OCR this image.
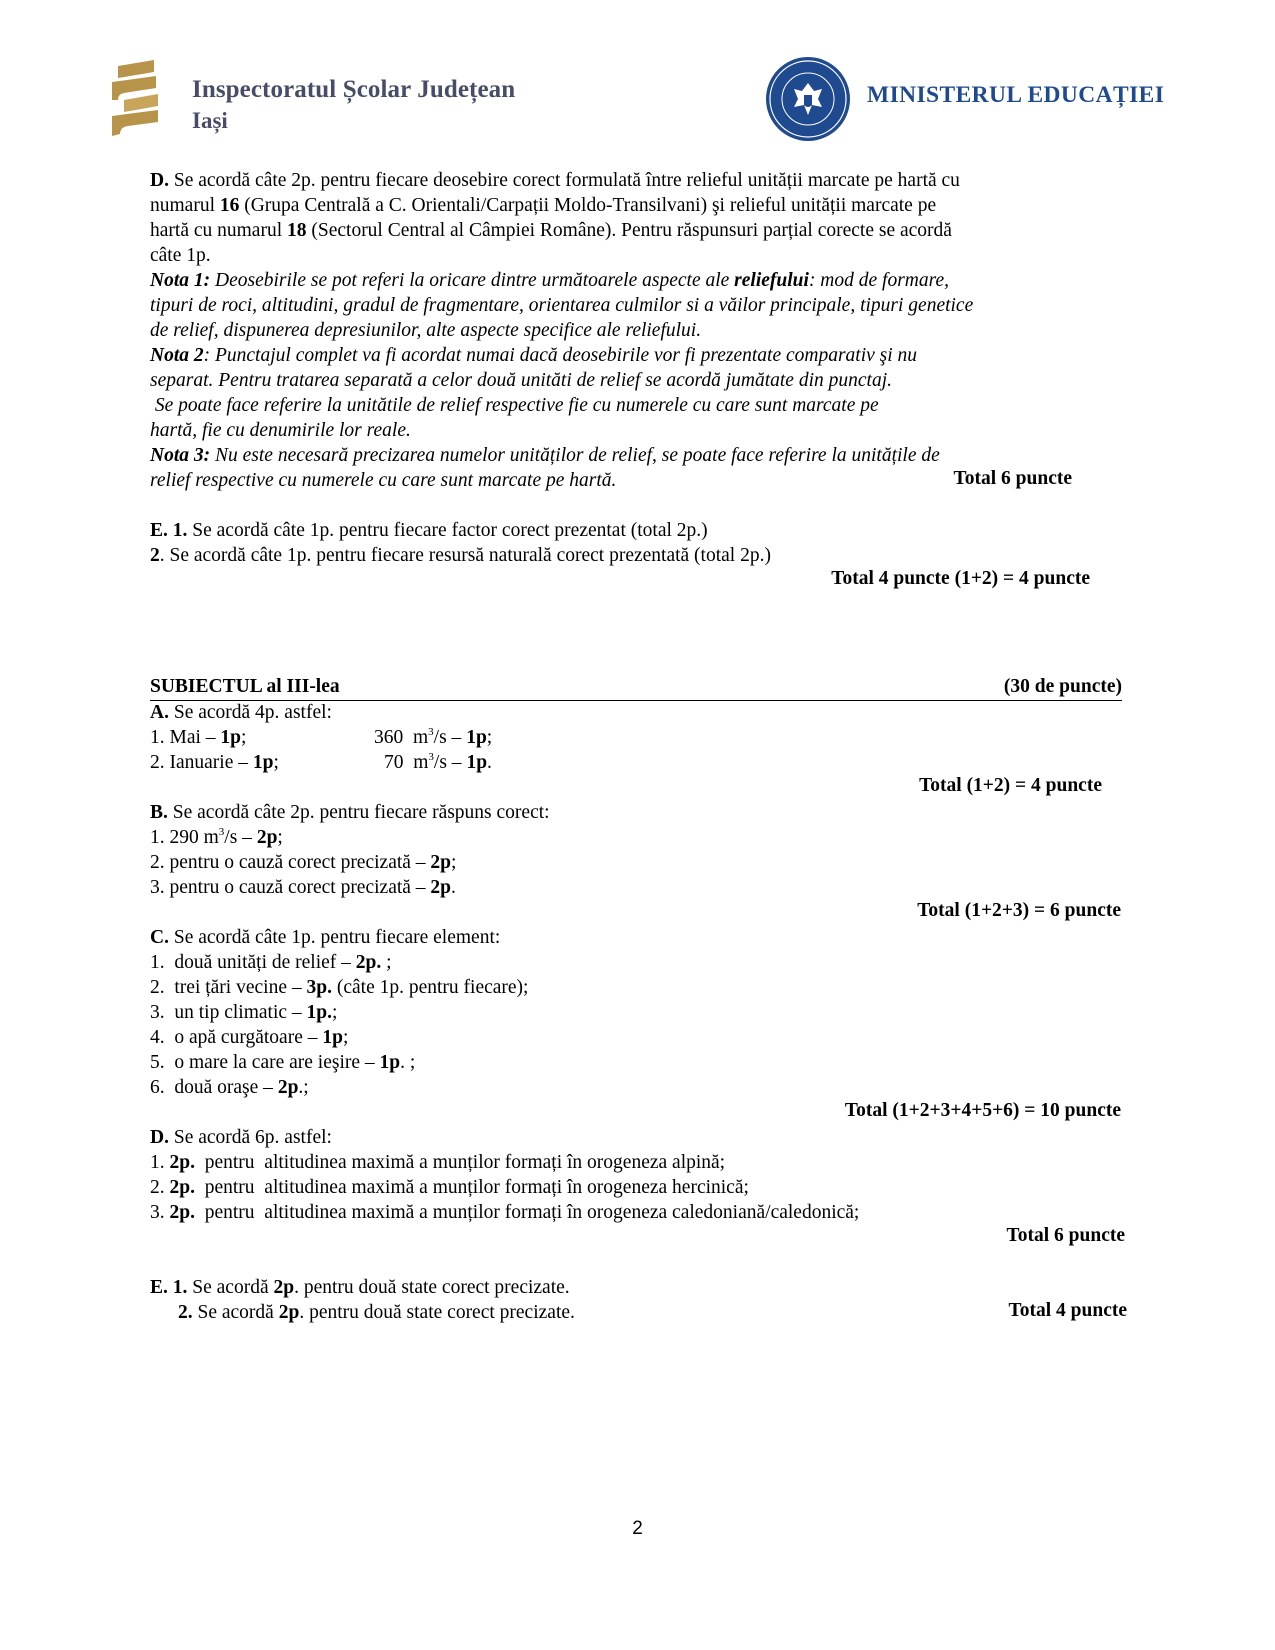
Inspectoratul Școlar Județean
Iași
MINISTERUL EDUCAȚIEI
D. Se acordă câte 2p. pentru fiecare deosebire corect formulată între relieful unității marcate pe hartă cu
numarul 16 (Grupa Centrală a C. Orientali/Carpații Moldo-Transilvani) şi relieful unității marcate pe
hartă cu numarul 18 (Sectorul Central al Câmpiei Române). Pentru răspunsuri parțial corecte se acordă
câte 1p.
Nota 1: Deosebirile se pot referi la oricare dintre următoarele aspecte ale reliefului: mod de formare,
tipuri de roci, altitudini, gradul de fragmentare, orientarea culmilor si a văilor principale, tipuri genetice
de relief, dispunerea depresiunilor, alte aspecte specifice ale reliefului.
Nota 2: Punctajul complet va fi acordat numai dacă deosebirile vor fi prezentate comparativ şi nu
separat. Pentru tratarea separată a celor două unităti de relief se acordă jumătate din punctaj.
Se poate face referire la unitătile de relief respective fie cu numerele cu care sunt marcate pe
hartă, fie cu denumirile lor reale.
Nota 3: Nu este necesară precizarea numelor unităților de relief, se poate face referire la unitățile de
relief respective cu numerele cu care sunt marcate pe hartă.	Total 6 puncte
E. 1. Se acordă câte 1p. pentru fiecare factor corect prezentat (total 2p.)
2. Se acordă câte 1p. pentru fiecare resursă naturală corect prezentată (total 2p.)
Total 4 puncte (1+2) = 4 puncte
SUBIECTUL al III-lea	(30 de puncte)
A. Se acordă 4p. astfel:
1. Mai – 1p;	360  $m^3/s - 1p$;
2. Ianuarie – 1p;	70  $m^3/s - 1p$.
Total (1+2) = 4 puncte
B. Se acordă câte 2p. pentru fiecare răspuns corect:
1. 290 $m^3/s - 2p$;
2. pentru o cauză corect precizată – 2p;
3. pentru o cauză corect precizată – 2p.
Total (1+2+3) = 6 puncte
C. Se acordă câte 1p. pentru fiecare element:
1. două unități de relief – 2p. ;
2. trei țări vecine – 3p. (câte 1p. pentru fiecare);
3. un tip climatic – 1p.;
4. o apă curgătoare – 1p;
5. o mare la care are ieşire – 1p. ;
6. două oraşe – 2p.;
Total (1+2+3+4+5+6) = 10 puncte
D. Se acordă 6p. astfel:
1. 2p. pentru  altitudinea maximă a munților formați în orogeneza alpină;
2. 2p. pentru  altitudinea maximă a munților formați în orogeneza hercinică;
3. 2p. pentru  altitudinea maximă a munților formați în orogeneza caledoniană/caledonică;
Total 6 puncte
E. 1. Se acordă 2p. pentru două state corect precizate.
2. Se acordă 2p. pentru două state corect precizate.	Total 4 puncte
2
